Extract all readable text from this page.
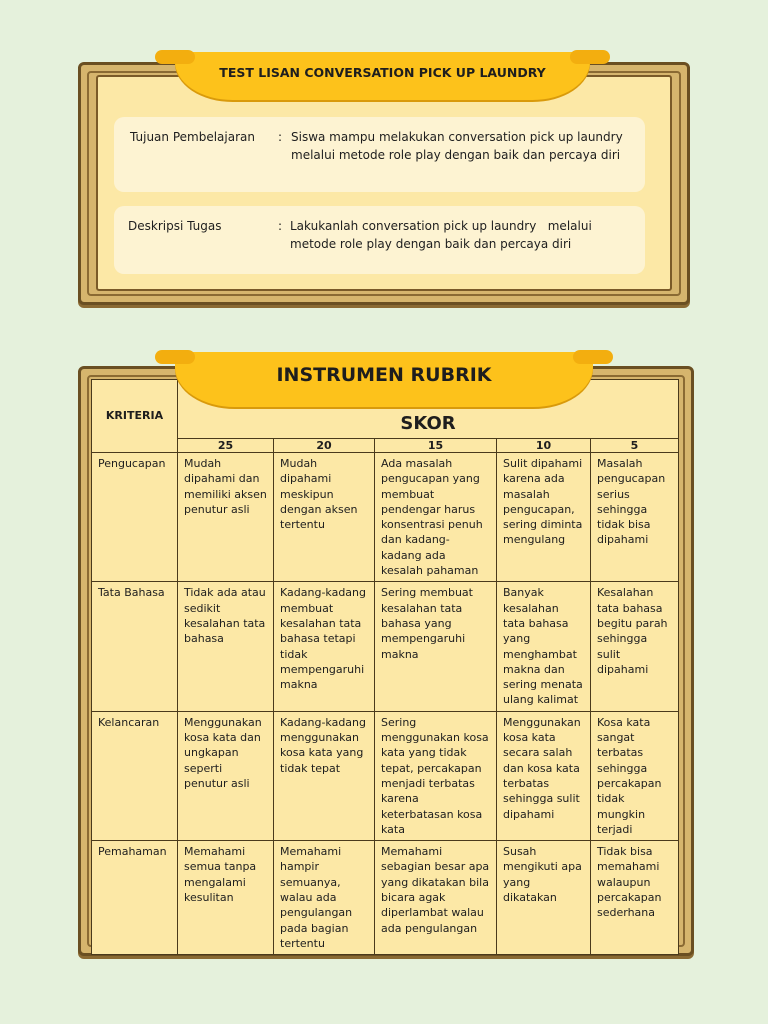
TEST LISAN CONVERSATION PICK UP LAUNDRY
Tujuan Pembelajaran : Siswa mampu melakukan conversation pick up laundry    melalui metode role play dengan baik dan percaya diri
Deskripsi Tugas	: Lakukanlah conversation pick up laundry   melalui metode role play dengan baik dan percaya diri
KRITERIA	SKOR				
	25	20	15	10	5
Pengucapan	Mudah dipahami dan memiliki aksen penutur asli	Mudah dipahami meskipun dengan aksen tertentu	Ada masalah pengucapan yang membuat pendengar harus konsentrasi penuh dan kadang-kadang ada kesalah pahaman	Sulit dipahami karena ada masalah pengucapan, sering diminta mengulang	Masalah pengucapan serius sehingga tidak bisa dipahami
Tata Bahasa	Tidak ada atau sedikit kesalahan tata bahasa	Kadang-kadang membuat kesalahan tata bahasa tetapi tidak mempengaruhi makna	Sering membuat kesalahan tata bahasa yang mempengaruhi makna	Banyak kesalahan tata bahasa yang menghambat makna dan sering menata ulang kalimat	Kesalahan tata bahasa begitu parah sehingga sulit dipahami
Kelancaran	Menggunakan kosa kata dan ungkapan seperti penutur asli	Kadang-kadang menggunakan kosa kata yang tidak tepat	Sering menggunakan kosa kata yang tidak tepat, percakapan menjadi terbatas karena keterbatasan kosa kata	Menggunakan kosa kata secara salah dan kosa kata terbatas sehingga sulit dipahami	Kosa kata sangat terbatas sehingga percakapan tidak mungkin terjadi
Pemahaman	Memahami semua tanpa mengalami kesulitan	Memahami hampir semuanya, walau ada pengulangan pada bagian tertentu	Memahami sebagian besar apa yang dikatakan bila bicara agak diperlambat walau ada pengulangan	Susah mengikuti apa yang dikatakan	Tidak bisa memahami walaupun percakapan sederhana
INSTRUMEN RUBRIK
